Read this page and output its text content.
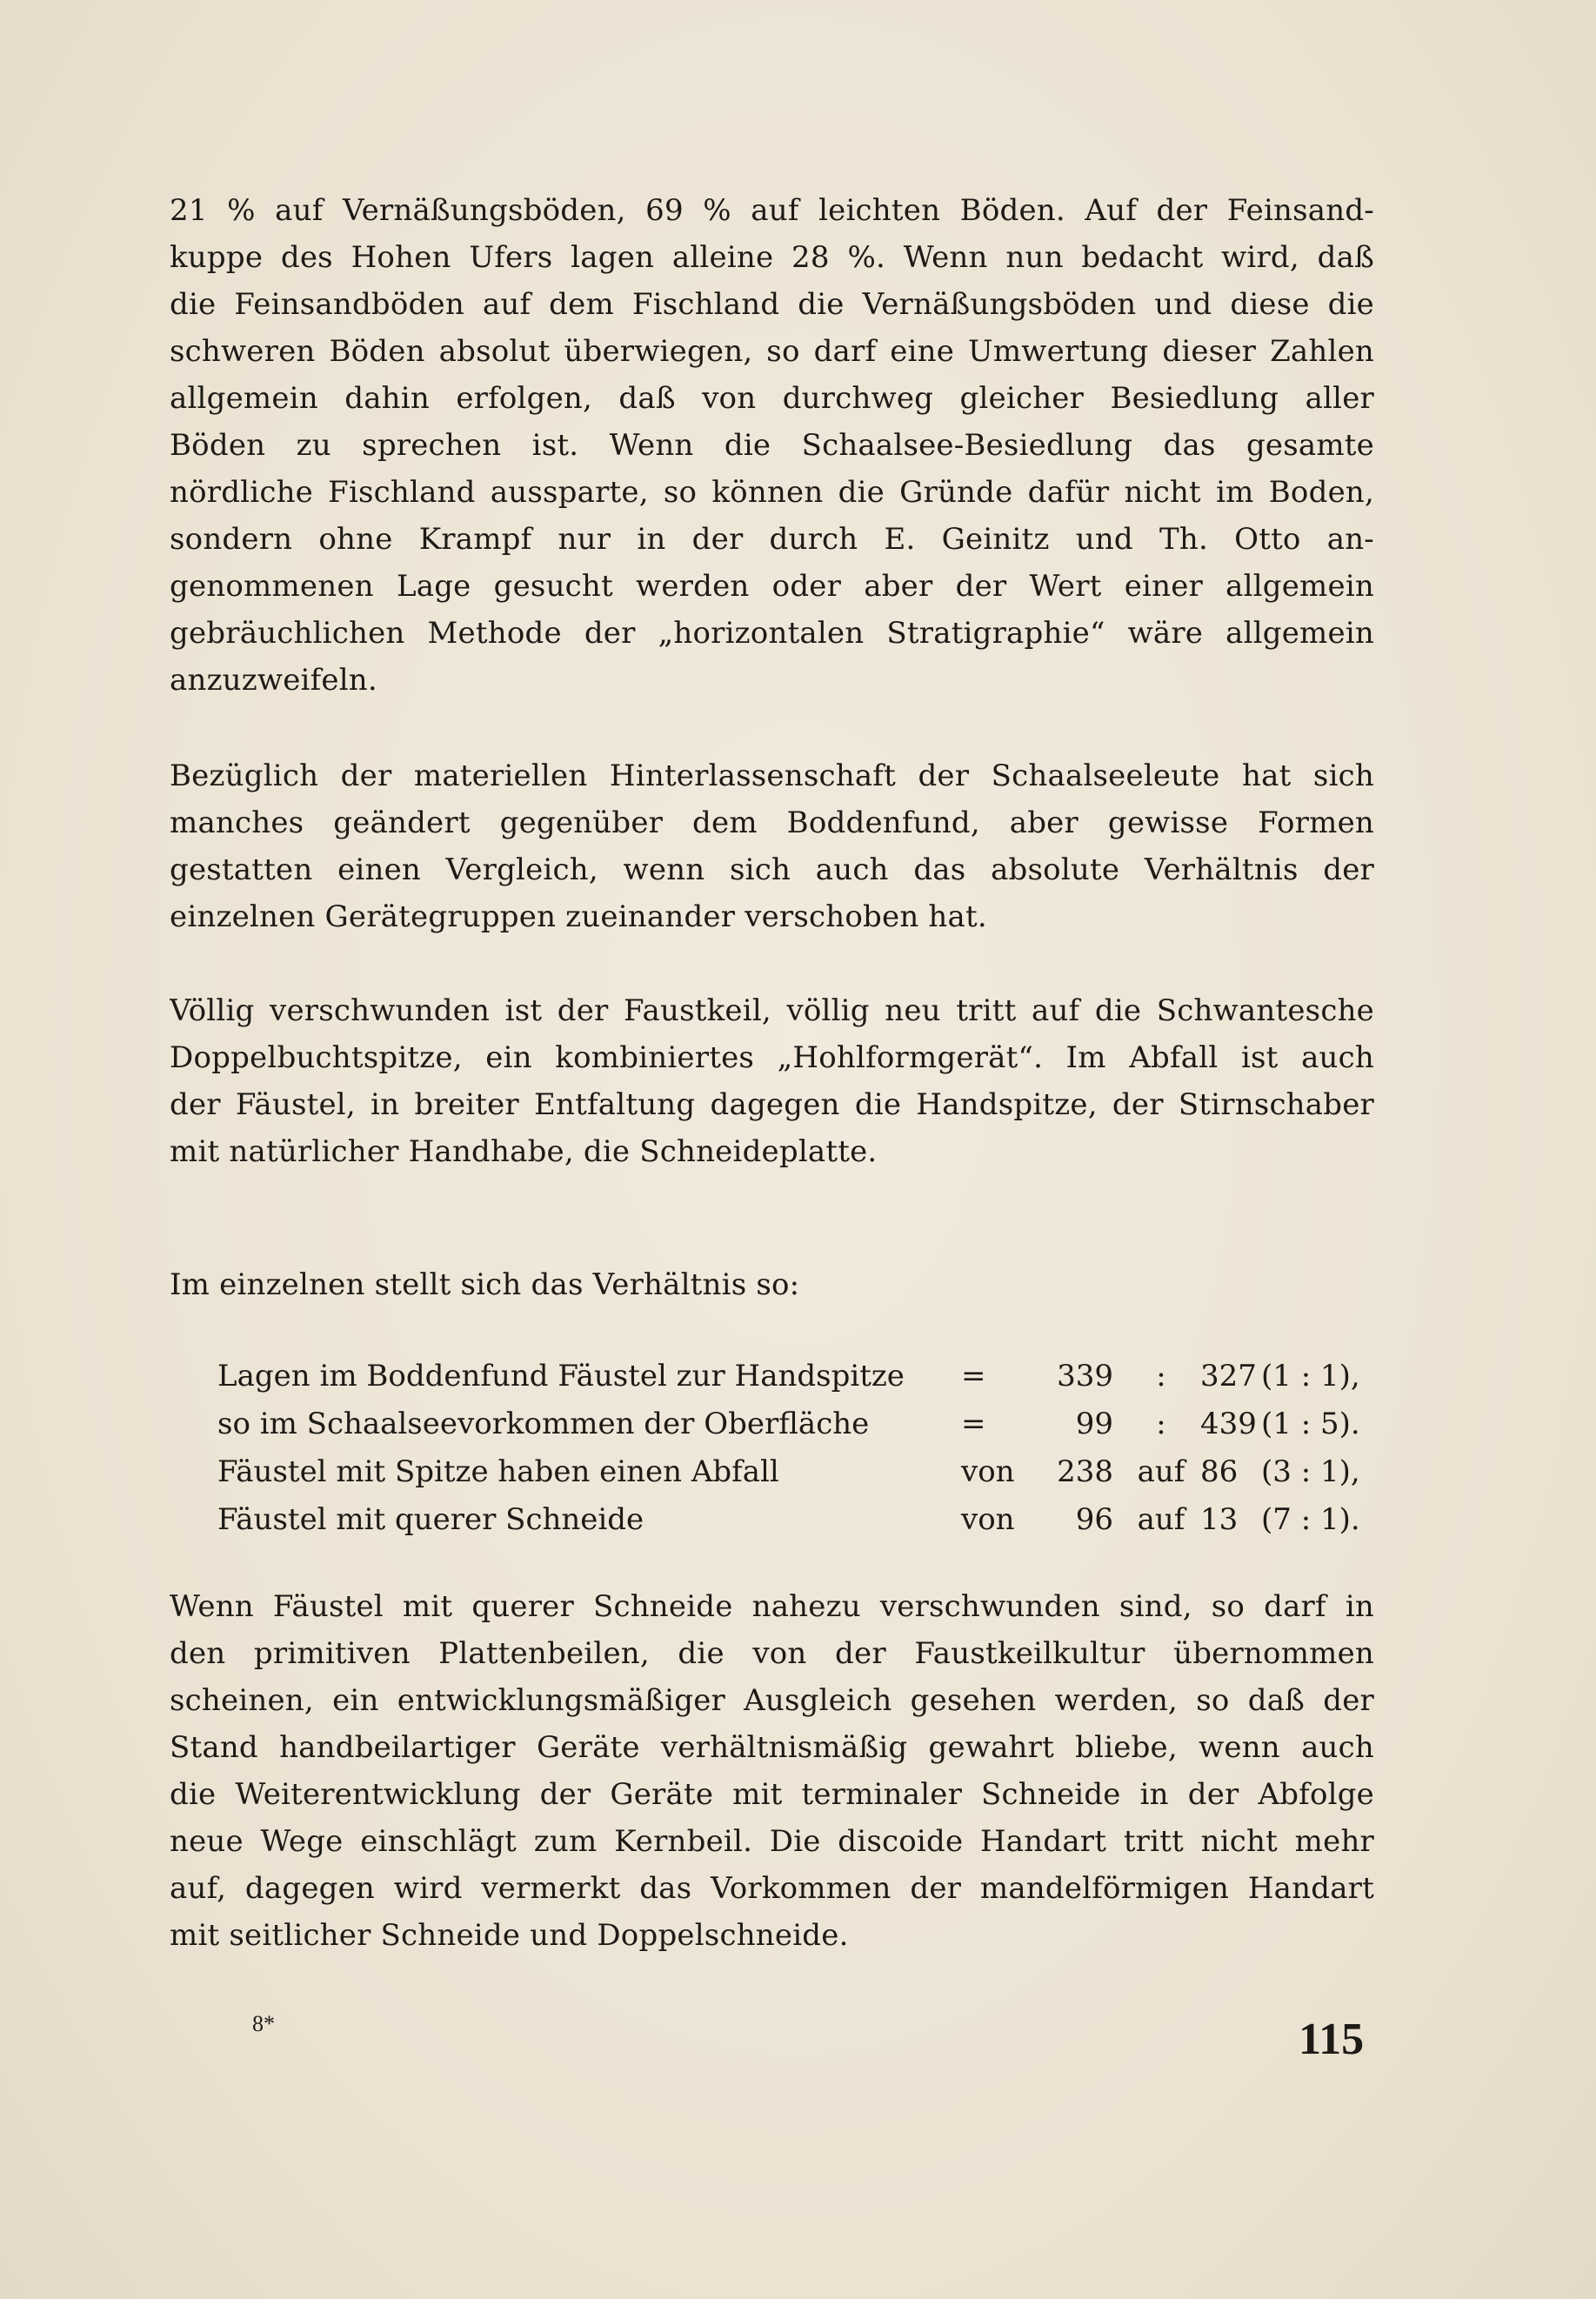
21 % auf Vernäßungsböden, 69 % auf leichten Böden. Auf der Feinsand-
kuppe des Hohen Ufers lagen alleine 28 %. Wenn nun bedacht wird, daß
die Feinsandböden auf dem Fischland die Vernäßungsböden und diese die
schweren Böden absolut überwiegen, so darf eine Umwertung dieser Zahlen
allgemein dahin erfolgen, daß von durchweg gleicher Besiedlung aller
Böden zu sprechen ist. Wenn die Schaalsee-Besiedlung das gesamte
nördliche Fischland aussparte, so können die Gründe dafür nicht im Boden,
sondern ohne Krampf nur in der durch E. Geinitz und Th. Otto an-
genommenen Lage gesucht werden oder aber der Wert einer allgemein
gebräuchlichen Methode der „horizontalen Stratigraphie“ wäre allgemein
anzuzweifeln.
Bezüglich der materiellen Hinterlassenschaft der Schaalseeleute hat sich
manches geändert gegenüber dem Boddenfund, aber gewisse Formen
gestatten einen Vergleich, wenn sich auch das absolute Verhältnis der
einzelnen Gerätegruppen zueinander verschoben hat.
Völlig verschwunden ist der Faustkeil, völlig neu tritt auf die Schwantesche
Doppelbuchtspitze, ein kombiniertes „Hohlformgerät“. Im Abfall ist auch
der Fäustel, in breiter Entfaltung dagegen die Handspitze, der Stirnschaber
mit natürlicher Handhabe, die Schneideplatte.
Im einzelnen stellt sich das Verhältnis so:
Lagen im Boddenfund Fäustel zur Handspitze	=	339	:	327 (1 : 1),
so im Schaalseevorkommen der Oberfläche	=	99	:	439 (1 : 5).
Fäustel mit Spitze haben einen Abfall	von	238 auf 86 (3 : 1),
Fäustel mit querer Schneide	von	96 auf 13 (7 : 1).
Wenn Fäustel mit querer Schneide nahezu verschwunden sind, so darf in
den primitiven Plattenbeilen, die von der Faustkeilkultur übernommen
scheinen, ein entwicklungsmäßiger Ausgleich gesehen werden, so daß der
Stand handbeilartiger Geräte verhältnismäßig gewahrt bliebe, wenn auch
die Weiterentwicklung der Geräte mit terminaler Schneide in der Abfolge
neue Wege einschlägt zum Kernbeil. Die discoide Handart tritt nicht mehr
auf, dagegen wird vermerkt das Vorkommen der mandelförmigen Handart
mit seitlicher Schneide und Doppelschneide.
8*	115
